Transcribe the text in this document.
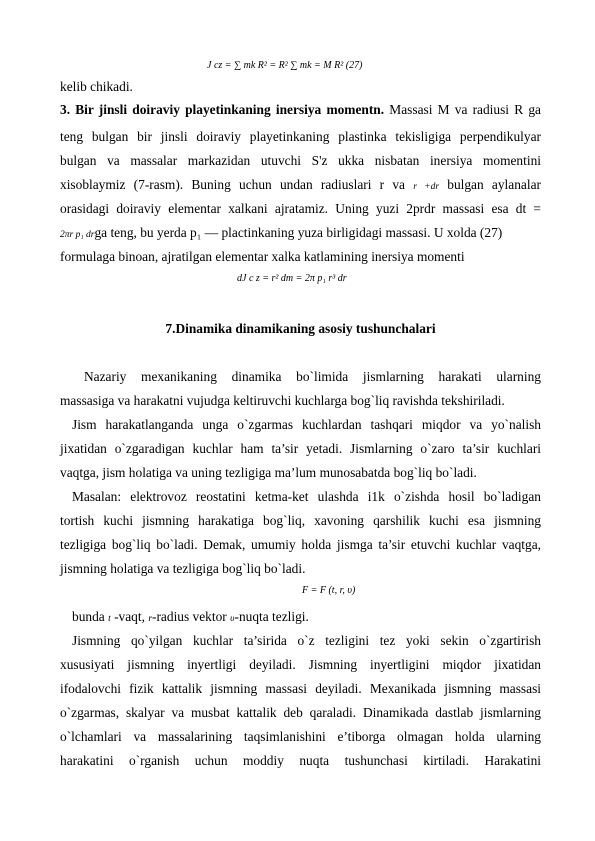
J cz = ∑ mk R² = R² ∑ mk = M R² (27)
kelib chikadi.
3. Bir jinsli doiraviy playetinkaning inersiya momentn. Massasi M va radiusi R ga
teng bulgan bir jinsli doiraviy playetinkaning plastinka tekisligiga perpendikulyar
bulgan va massalar markazidan utuvchi S'z ukka nisbatan inersiya momentini
xisoblaymiz (7-rasm). Buning uchun undan radiuslari r va r +dr bulgan aylanalar
orasidagi doiraviy elementar xalkani ajratamiz. Uning yuzi 2prdr massasi esa dt =
2πr p₁ drga teng, bu yerda p₁ — plactinkaning yuza birligidagi massasi. U xolda (27)
formulaga binoan, ajratilgan elementar xalka katlamining inersiya momenti
dJ c z = r² dm = 2π p₁ r³ dr
7.Dinamika dinamikaning asosiy tushunchalari
Nazariy mexanikaning dinamika bo`limida jismlarning harakati ularning
massasiga va harakatni vujudga keltiruvchi kuchlarga bog`liq ravishda tekshiriladi.
Jism harakatlanganda unga o`zgarmas kuchlardan tashqari miqdor va yo`nalish
jixatidan o`zgaradigan kuchlar ham ta’sir yetadi. Jismlarning o`zaro ta’sir kuchlari
vaqtga, jism holatiga va uning tezligiga ma’lum munosabatda bog`liq bo`ladi.
Masalan: elektrovoz reostatini ketma-ket ulashda i1k o`zishda hosil bo`ladigan
tortish kuchi jismning harakatiga bog`liq, xavoning qarshilik kuchi esa jismning
tezligiga bog`liq bo`ladi. Demak, umumiy holda jismga ta’sir etuvchi kuchlar vaqtga,
jismning holatiga va tezligiga bog`liq bo`ladi.
F = F (t, r, υ)
bunda t -vaqt, r-radius vektor υ-nuqta tezligi.
Jismning qo`yilgan kuchlar ta’sirida o`z tezligini tez yoki sekin o`zgartirish
xususiyati jismning inyertligi deyiladi. Jismning inyertligini miqdor jixatidan
ifodalovchi fizik kattalik jismning massasi deyiladi. Mexanikada jismning massasi
o`zgarmas, skalyar va musbat kattalik deb qaraladi. Dinamikada dastlab jismlarning
o`lchamlari va massalarining taqsimlanishini e’tiborga olmagan holda ularning
harakatini o`rganish uchun moddiy nuqta tushunchasi kirtiladi. Harakatini
